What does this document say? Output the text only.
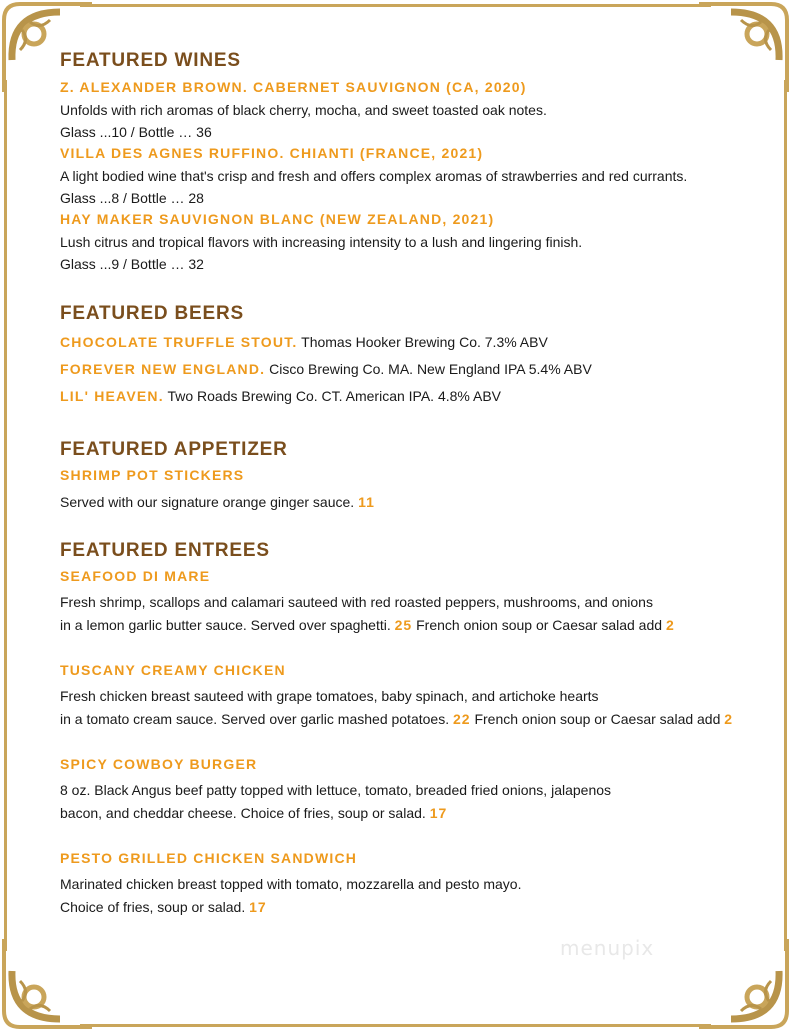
FEATURED WINES
Z. ALEXANDER BROWN. CABERNET SAUVIGNON (CA, 2020)
Unfolds with rich aromas of black cherry, mocha, and sweet toasted oak notes.
Glass ...10 / Bottle … 36
VILLA DES AGNES RUFFINO. CHIANTI (FRANCE, 2021)
A light bodied wine that's crisp and fresh and offers complex aromas of strawberries and red currants.
Glass ...8 / Bottle … 28
HAY MAKER SAUVIGNON BLANC (NEW ZEALAND, 2021)
Lush citrus and tropical flavors with increasing intensity to a lush and lingering finish.
Glass ...9 / Bottle … 32
FEATURED BEERS
CHOCOLATE TRUFFLE STOUT. Thomas Hooker Brewing Co. 7.3% ABV
FOREVER NEW ENGLAND. Cisco Brewing Co. MA. New England IPA 5.4% ABV
LIL' HEAVEN. Two Roads Brewing Co. CT. American IPA. 4.8% ABV
FEATURED APPETIZER
SHRIMP POT STICKERS
Served with our signature orange ginger sauce. 11
FEATURED ENTREES
SEAFOOD DI MARE
Fresh shrimp, scallops and calamari sauteed with red roasted peppers, mushrooms, and onions
in a lemon garlic butter sauce. Served over spaghetti. 25 French onion soup or Caesar salad add 2
TUSCANY CREAMY CHICKEN
Fresh chicken breast sauteed with grape tomatoes, baby spinach, and artichoke hearts
in a tomato cream sauce. Served over garlic mashed potatoes. 22 French onion soup or Caesar salad add 2
SPICY COWBOY BURGER
8 oz. Black Angus beef patty topped with lettuce, tomato, breaded fried onions, jalapenos
bacon, and cheddar cheese. Choice of fries, soup or salad. 17
PESTO GRILLED CHICKEN SANDWICH
Marinated chicken breast topped with tomato, mozzarella and pesto mayo.
Choice of fries, soup or salad. 17
menupix
